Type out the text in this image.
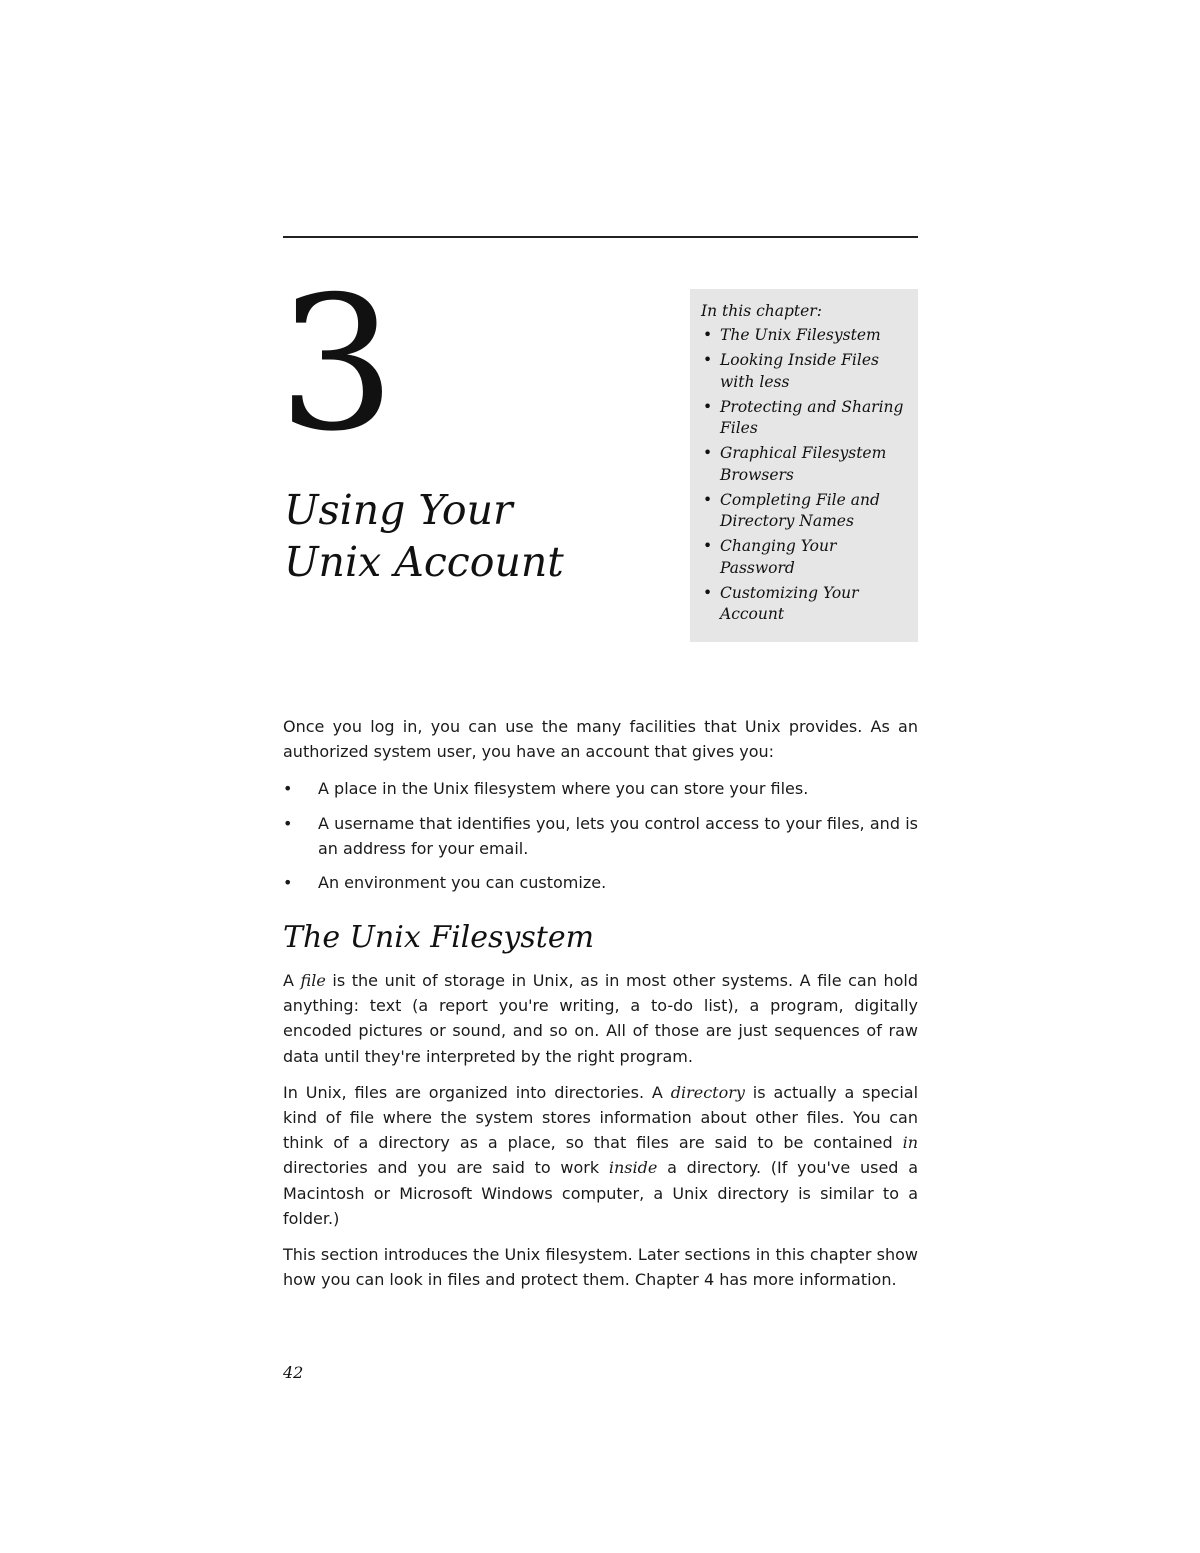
3
Using Your
Unix Account
In this chapter:
• The Unix Filesystem
• Looking Inside Files with less
• Protecting and Sharing Files
• Graphical Filesystem Browsers
• Completing File and Directory Names
• Changing Your Password
• Customizing Your Account

Once you log in, you can use the many facilities that Unix provides. As an authorized system user, you have an account that gives you:

• A place in the Unix filesystem where you can store your files.
• A username that identifies you, lets you control access to your files, and is an address for your email.
• An environment you can customize.
The Unix Filesystem

A file is the unit of storage in Unix, as in most other systems. A file can hold anything: text (a report you're writing, a to-do list), a program, digitally encoded pictures or sound, and so on. All of those are just sequences of raw data until they're interpreted by the right program.

In Unix, files are organized into directories. A directory is actually a special kind of file where the system stores information about other files. You can think of a directory as a place, so that files are said to be contained in directories and you are said to work inside a directory. (If you've used a Macintosh or Microsoft Windows computer, a Unix directory is similar to a folder.)

This section introduces the Unix filesystem. Later sections in this chapter show how you can look in files and protect them. Chapter 4 has more information.

42
